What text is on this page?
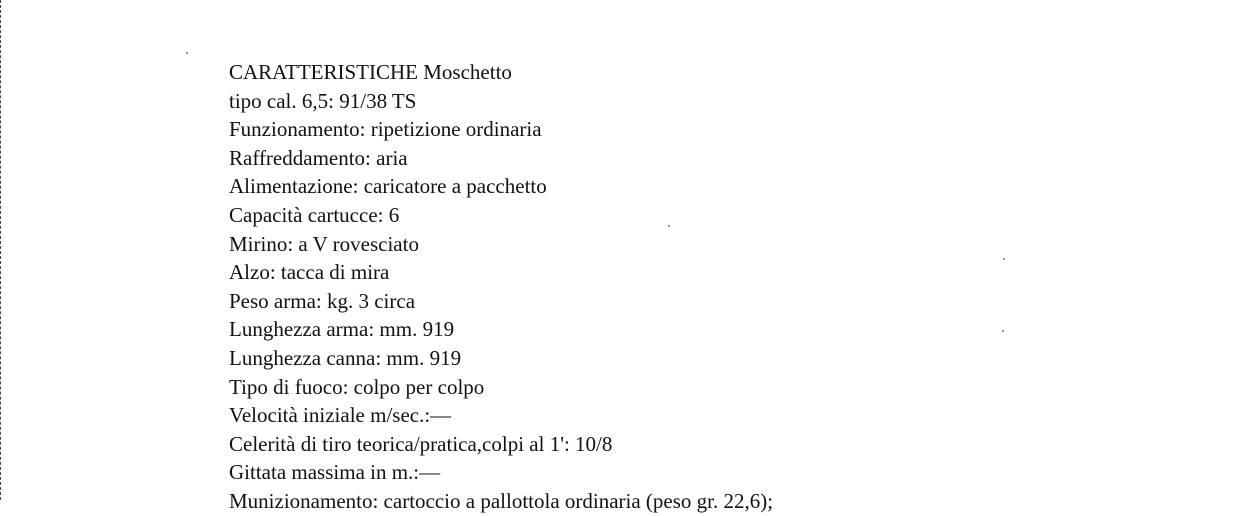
CARATTERISTICHE Moschetto
tipo cal. 6,5: 91/38 TS
Funzionamento: ripetizione ordinaria
Raffreddamento: aria
Alimentazione: caricatore a pacchetto
Capacità cartucce: 6
Mirino: a V rovesciato
Alzo: tacca di mira
Peso arma: kg. 3 circa
Lunghezza arma: mm. 919
Lunghezza canna: mm. 919
Tipo di fuoco: colpo per colpo
Velocità iniziale m/sec.:—
Celerità di tiro teorica/pratica,colpi al 1': 10/8
Gittata massima in m.:—
Munizionamento: cartoccio a pallottola ordinaria (peso gr. 22,6);
